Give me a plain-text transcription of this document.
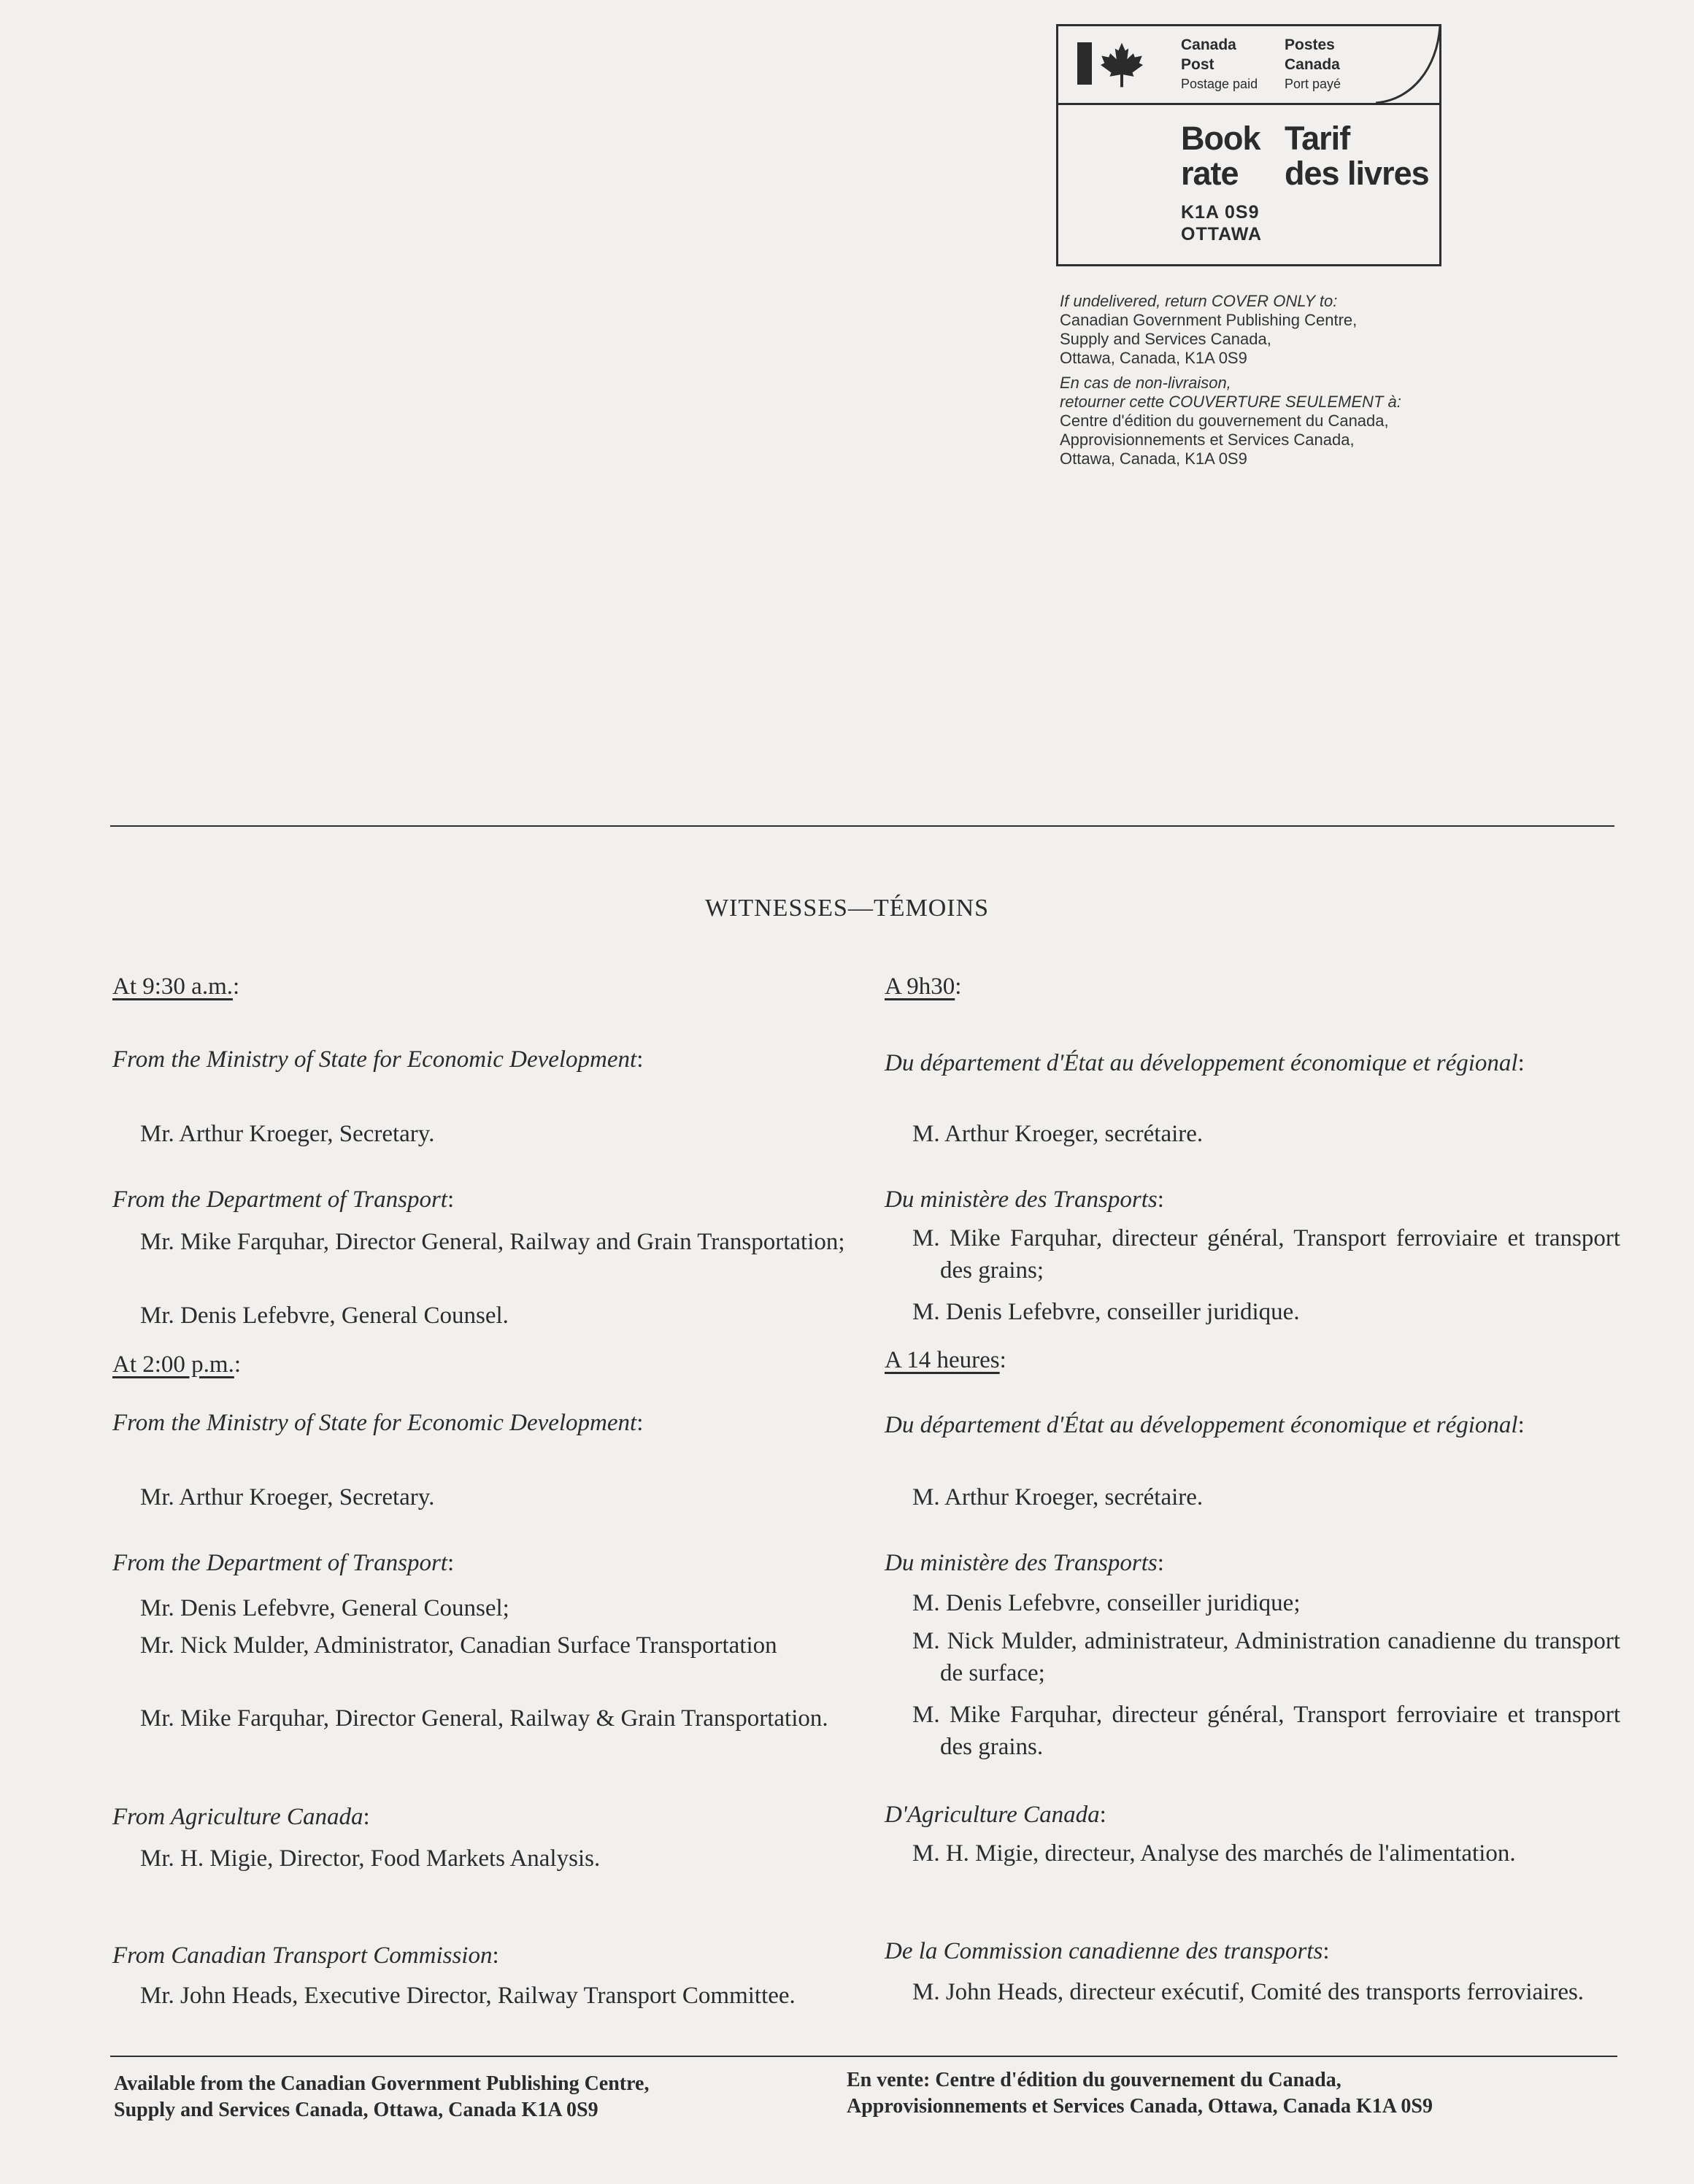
Canada
Post
Postage paid
Postes
Canada
Port payé
Book Tarif
rate	des livres
K1A 0S9
OTTAWA

If undelivered, return COVER ONLY to:

Canadian Government Publishing Centre,

Supply and Services Canada,

Ottawa, Canada, K1A 0S9

En cas de non-livraison,

retourner cette COUVERTURE SEULEMENT à:

Centre d'édition du gouvernement du Canada,

Approvisionnements et Services Canada,

Ottawa, Canada, K1A 0S9

WITNESSES—TÉMOINS
At 9:30 a.m.:
From the Ministry of State for Economic Development:
Mr. Arthur Kroeger, Secretary.
From the Department of Transport:
Mr. Mike Farquhar, Director General, Railway and Grain Transportation;
Mr. Denis Lefebvre, General Counsel.
At 2:00 p.m.:
From the Ministry of State for Economic Development:
Mr. Arthur Kroeger, Secretary.
From the Department of Transport:
Mr. Denis Lefebvre, General Counsel;
Mr. Nick Mulder, Administrator, Canadian Surface Transportation
Mr. Mike Farquhar, Director General, Railway & Grain Transportation.
From Agriculture Canada:
Mr. H. Migie, Director, Food Markets Analysis.
From Canadian Transport Commission:
Mr. John Heads, Executive Director, Railway Transport Committee.
A 9h30:
Du département d'État au développement économique et régional:
M. Arthur Kroeger, secrétaire.
Du ministère des Transports:
M. Mike Farquhar, directeur général, Transport ferroviaire et transport des grains;
M. Denis Lefebvre, conseiller juridique.
A 14 heures:
Du département d'État au développement économique et régional:
M. Arthur Kroeger, secrétaire.
Du ministère des Transports:
M. Denis Lefebvre, conseiller juridique;
M. Nick Mulder, administrateur, Administration canadienne du transport de surface;
M. Mike Farquhar, directeur général, Transport ferroviaire et transport des grains.
D'Agriculture Canada:
M. H. Migie, directeur, Analyse des marchés de l'alimentation.
De la Commission canadienne des transports:
M. John Heads, directeur exécutif, Comité des transports ferroviaires.
Available from the Canadian Government Publishing Centre,
Supply and Services Canada, Ottawa, Canada K1A 0S9
En vente: Centre d'édition du gouvernement du Canada,
Approvisionnements et Services Canada, Ottawa, Canada K1A 0S9
